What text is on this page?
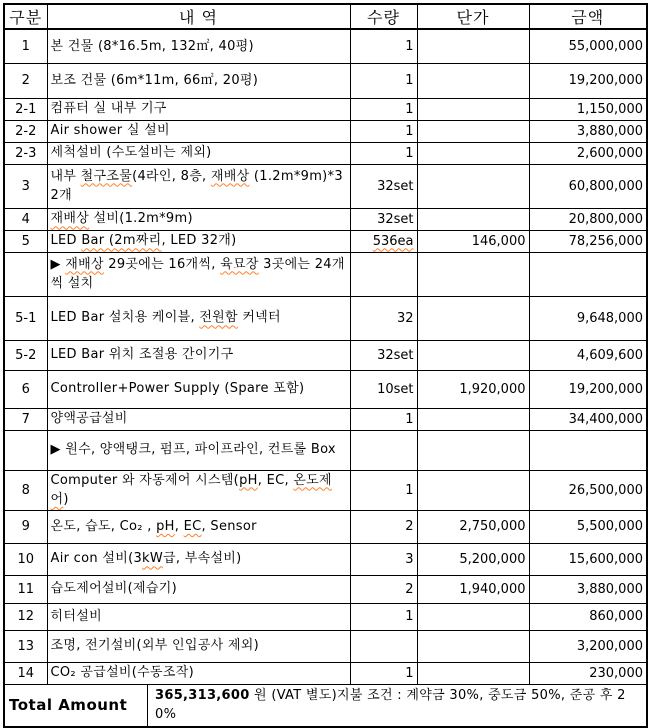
구분	내 역	수량	단가	금액
1	본 건물 (8*16.5m, 132㎡, 40평)	1		55,000,000
2	보조 건물 (6m*11m, 66㎡, 20평)	1		19,200,000
2-1	컴퓨터 실 내부 기구	1		1,150,000
2-2	Air shower 실 설비	1		3,880,000
2-3	세척설비 (수도설비는 제외)	1		2,600,000
3	내부 철구조물(4라인, 8층, 재배상 (1.2m*9m)*32개	32set		60,800,000
4	재배상 설비(1.2m*9m)	32set		20,800,000
5	LED Bar (2m짜리, LED 32개)	536ea	146,000	78,256,000
	▶ 재배상 29곳에는 16개씩, 육묘장 3곳에는 24개씩 설치			
5-1	LED Bar 설치용 케이블, 전원함 커넥터	32		9,648,000
5-2	LED Bar 위치 조절용 간이기구	32set		4,609,600
6	Controller+Power Supply (Spare 포함)	10set	1,920,000	19,200,000
7	양액공급설비	1		34,400,000
	▶ 원수, 양액탱크, 펌프, 파이프라인, 컨트롤 Box			
8	Computer 와 자동제어 시스템(pH, EC, 온도제어)	1		26,500,000
9	온도, 습도, Co₂ , pH, EC, Sensor	2	2,750,000	5,500,000
10	Air con 설비(3kW급, 부속설비)	3	5,200,000	15,600,000
11	습도제어설비(제습기)	2	1,940,000	3,880,000
12	히터설비	1		860,000
13	조명, 전기설비(외부 인입공사 제외)			3,200,000
14	CO₂ 공급설비(수동조작)	1		230,000

Total Amount
365,313,600 원 (VAT 별도)지불 조건 : 계약금 30%, 중도금 50%, 준공 후 20%				
